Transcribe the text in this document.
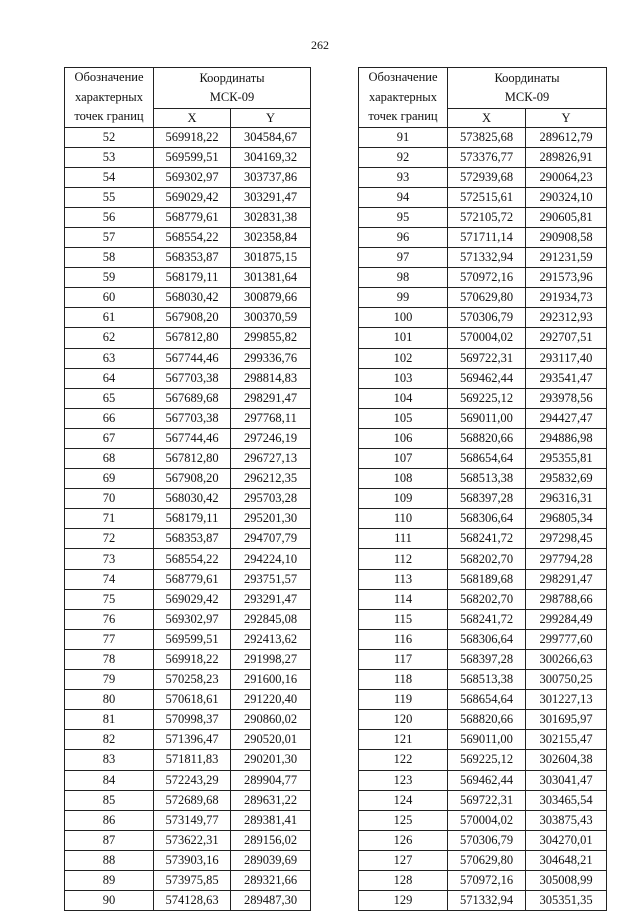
262
Обозначение
характерных
точек границ	Координаты
МСК-09	
	X	Y
52	569918,22	304584,67
53	569599,51	304169,32
54	569302,97	303737,86
55	569029,42	303291,47
56	568779,61	302831,38
57	568554,22	302358,84
58	568353,87	301875,15
59	568179,11	301381,64
60	568030,42	300879,66
61	567908,20	300370,59
62	567812,80	299855,82
63	567744,46	299336,76
64	567703,38	298814,83
65	567689,68	298291,47
66	567703,38	297768,11
67	567744,46	297246,19
68	567812,80	296727,13
69	567908,20	296212,35
70	568030,42	295703,28
71	568179,11	295201,30
72	568353,87	294707,79
73	568554,22	294224,10
74	568779,61	293751,57
75	569029,42	293291,47
76	569302,97	292845,08
77	569599,51	292413,62
78	569918,22	291998,27
79	570258,23	291600,16
80	570618,61	291220,40
81	570998,37	290860,02
82	571396,47	290520,01
83	571811,83	290201,30
84	572243,29	289904,77
85	572689,68	289631,22
86	573149,77	289381,41
87	573622,31	289156,02
88	573903,16	289039,69
89	573975,85	289321,66
90	574128,63	289487,30
Обозначение
характерных
точек границ	Координаты
МСК-09	
	X	Y
91	573825,68	289612,79
92	573376,77	289826,91
93	572939,68	290064,23
94	572515,61	290324,10
95	572105,72	290605,81
96	571711,14	290908,58
97	571332,94	291231,59
98	570972,16	291573,96
99	570629,80	291934,73
100	570306,79	292312,93
101	570004,02	292707,51
102	569722,31	293117,40
103	569462,44	293541,47
104	569225,12	293978,56
105	569011,00	294427,47
106	568820,66	294886,98
107	568654,64	295355,81
108	568513,38	295832,69
109	568397,28	296316,31
110	568306,64	296805,34
111	568241,72	297298,45
112	568202,70	297794,28
113	568189,68	298291,47
114	568202,70	298788,66
115	568241,72	299284,49
116	568306,64	299777,60
117	568397,28	300266,63
118	568513,38	300750,25
119	568654,64	301227,13
120	568820,66	301695,97
121	569011,00	302155,47
122	569225,12	302604,38
123	569462,44	303041,47
124	569722,31	303465,54
125	570004,02	303875,43
126	570306,79	304270,01
127	570629,80	304648,21
128	570972,16	305008,99
129	571332,94	305351,35
